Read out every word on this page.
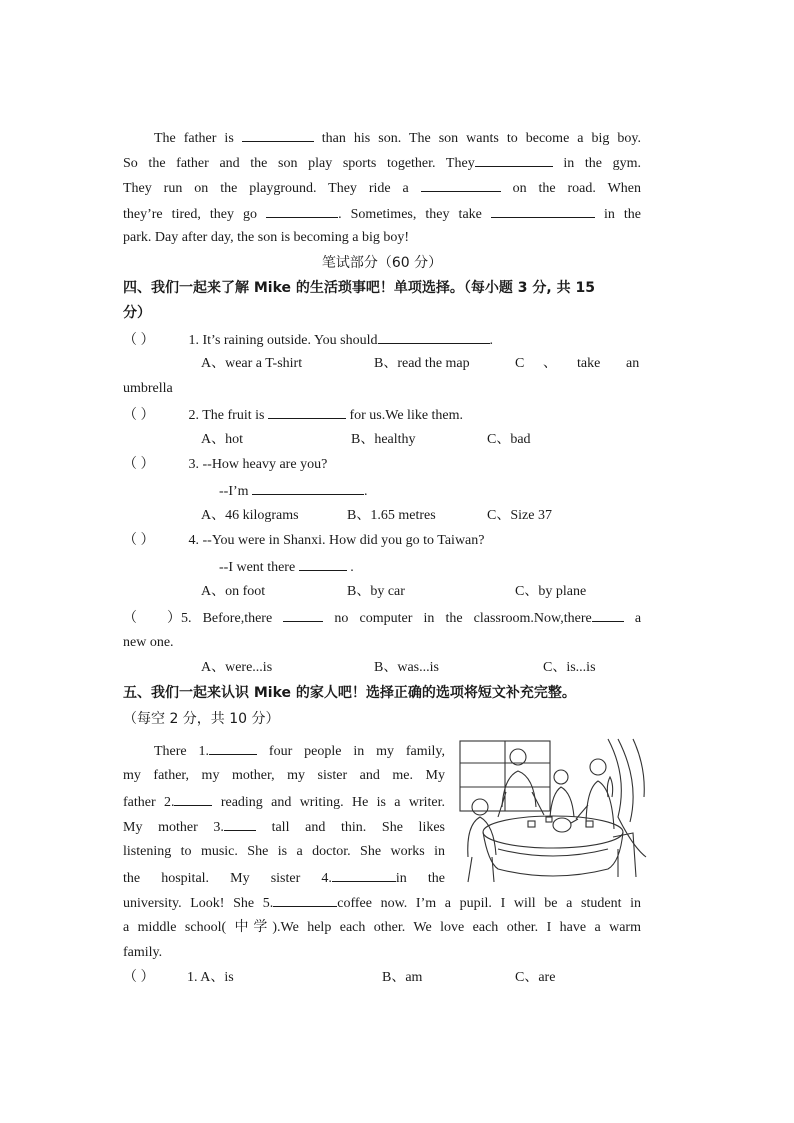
The father is	than his son. The son wants to become a big boy.
So the father and the son play sports together. They	in the gym.
They run on the playground. They ride a	on the road. When
they’re tired, they go	. Sometimes, they take	in the
park. Day after day, the son is becoming a big boy!
笔试部分（60 分）
四、我们一起来了解 Mike 的生活琐事吧！单项选择。（每小题 3 分, 共 15
分）
（ ） 1. It’s raining outside. You should	.
A、wear a T-shirt	B、read the map	C 、 take an
umbrella
（ ） 2. The fruit is	for us.We like them.
A、hot	B、healthy	C、bad
（ ） 3. --How heavy are you?
--I’m	.
A、46 kilograms	B、1.65 metres	C、Size 37
（ ） 4. --You were in Shanxi. How did you go to Taiwan?
--I went there	.
A、on foot	B、by car	C、by plane
（ ）5. Before,there	no computer in the classroom.Now,there	a
new one.
A、were...is	B、was...is	C、is...is
五、我们一起来认识 Mike 的家人吧！选择正确的选项将短文补充完整。
（每空 2 分，共 10 分）
There 1.	four people in my family,
my father, my mother, my sister and me. My
father 2.	reading and writing. He is a writer.
My mother 3.	tall and thin. She likes
listening to music. She is a doctor. She works in
the hospital. My sister 4.	in the
university. Look! She 5.	coffee now. I’m a pupil. I will be a student in
a middle school( 中学).We help each other. We love each other. I have a warm
family.
（ ） 1. A、is	B、am	C、are
